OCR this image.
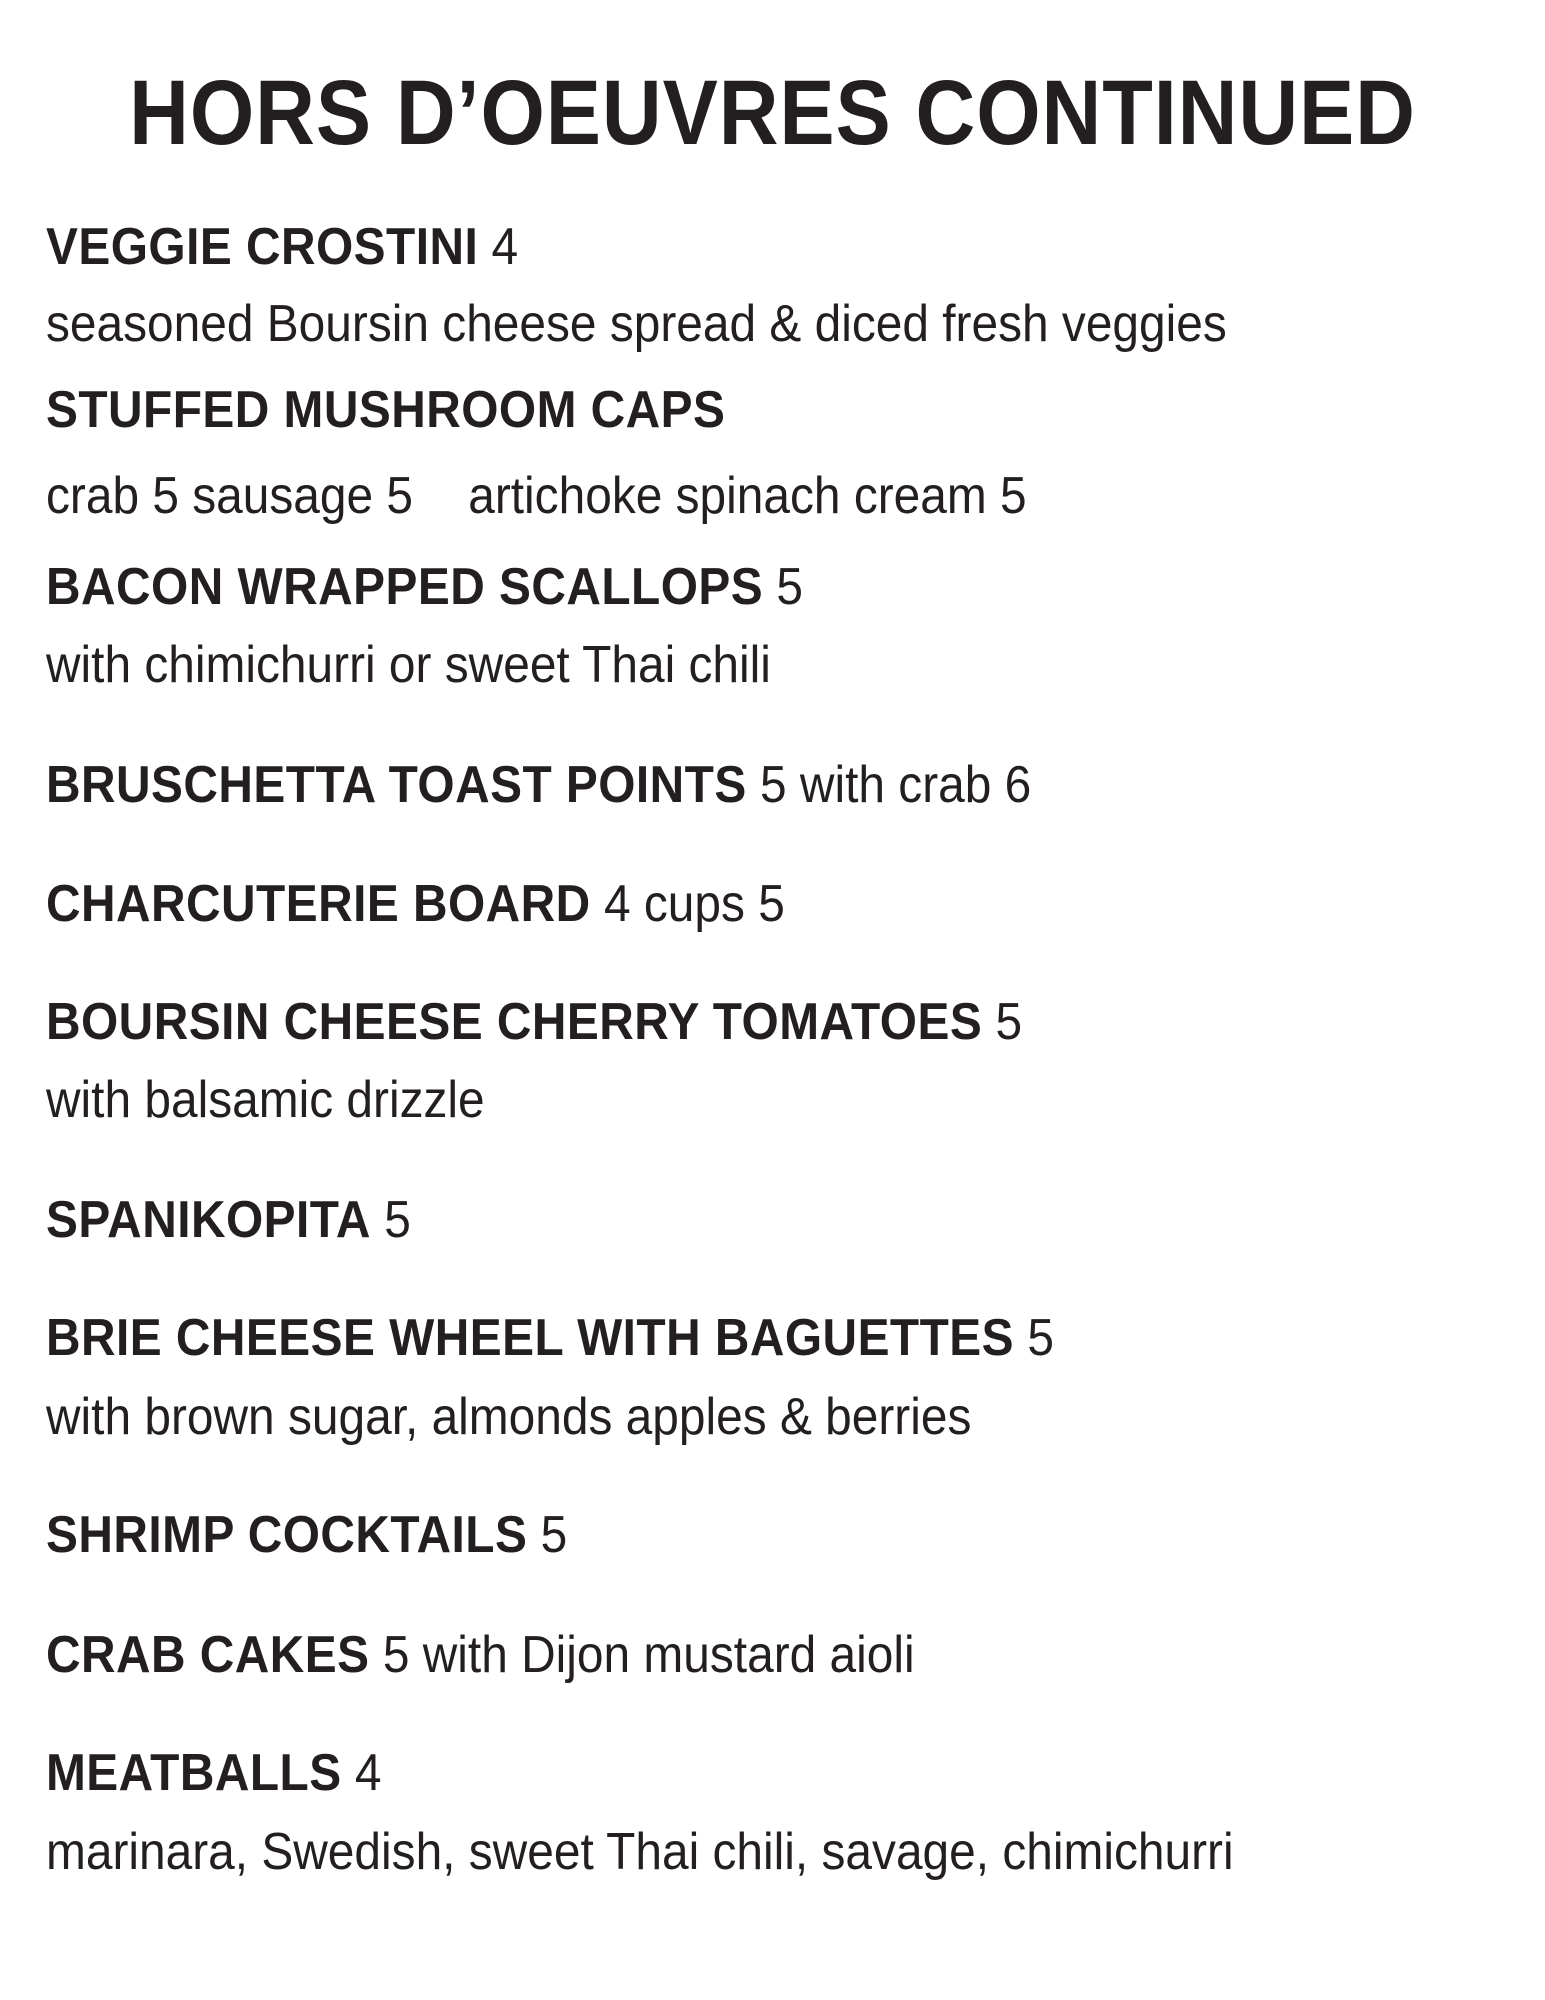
HORS D’OEUVRES CONTINUED
VEGGIE CROSTINI 4
seasoned Boursin cheese spread & diced fresh veggies
STUFFED MUSHROOM CAPS
crab 5 sausage 5 artichoke spinach cream 5
BACON WRAPPED SCALLOPS 5
with chimichurri or sweet Thai chili
BRUSCHETTA TOAST POINTS 5 with crab 6
CHARCUTERIE BOARD 4 cups 5
BOURSIN CHEESE CHERRY TOMATOES 5
with balsamic drizzle
SPANIKOPITA 5
BRIE CHEESE WHEEL WITH BAGUETTES 5
with brown sugar, almonds apples & berries
SHRIMP COCKTAILS 5
CRAB CAKES 5 with Dijon mustard aioli
MEATBALLS 4
marinara, Swedish, sweet Thai chili, savage, chimichurri
